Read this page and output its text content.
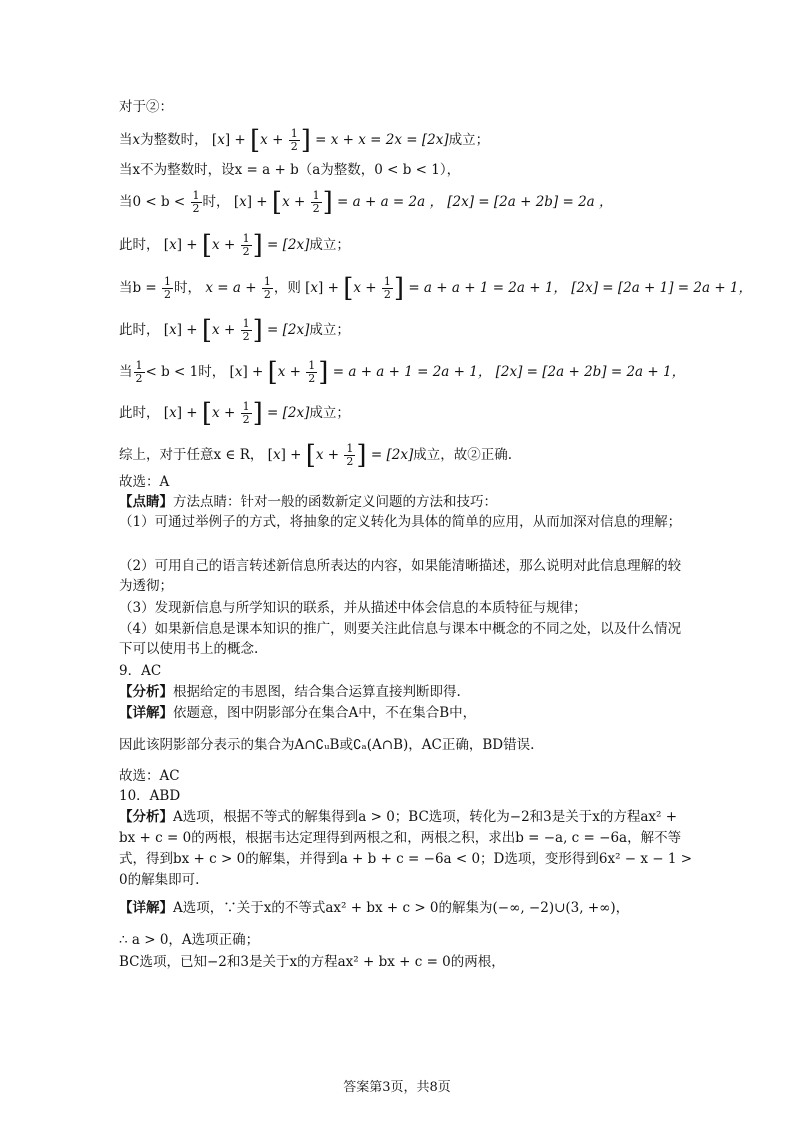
对于②：
当x为整数时， $[x] + [x + \frac{1}{2}$ ] = x + x = 2x = [2x]成立；
当x不为整数时，设x = a + b（a为整数，0 < b < 1），
当$0 < b < \frac{1}{2}$ 时， $[x] + [x + \frac{1}{2}$ ] = a + a = 2a ， [2x] = [2a + 2b] = 2a ，
此时， $[x] + [x + \frac{1}{2}$ ] = [2x]成立；
当$b = \frac{1}{2}$ 时， $x = a + \frac{1}{2}$ ，则 $[x] + [x + \frac{1}{2}$ ] = a + a + 1 = 2a + 1， [2x] = [2a + 1] = 2a + 1，
此时， $[x] + [x + \frac{1}{2}$ ] = [2x]成立；
当 $\frac{1}{2} < b < 1$时， $[x] + [x + \frac{1}{2}$ ] = a + a + 1 = 2a + 1， [2x] = [2a + 2b] = 2a + 1，
此时， $[x] + [x + \frac{1}{2}$ ] = [2x]成立；
综上，对于任意x ∈ R， $[x] + [x + \frac{1}{2}$ ] = [2x]成立，故②正确.
故选：A
【点睛】方法点睛：针对一般的函数新定义问题的方法和技巧：
（1）可通过举例子的方式，将抽象的定义转化为具体的简单的应用，从而加深对信息的理解；
（2）可用自己的语言转述新信息所表达的内容，如果能清晰描述，那么说明对此信息理解的较为透彻；
（3）发现新信息与所学知识的联系，并从描述中体会信息的本质特征与规律；
（4）如果新信息是课本知识的推广，则要关注此信息与课本中概念的不同之处，以及什么情况下可以使用书上的概念.
9．AC
【分析】根据给定的韦恩图，结合集合运算直接判断即得.
【详解】依题意，图中阴影部分在集合A中，不在集合B中，
因此该阴影部分表示的集合为A∩∁ᵤB或∁ₐ(A∩B)，AC正确，BD错误.
故选：AC
10．ABD
【分析】A选项，根据不等式的解集得到a > 0；BC选项，转化为−2和3是关于x的方程ax² + bx + c = 0的两根，根据韦达定理得到两根之和，两根之积，求出b = −a, c = −6a，解不等式，得到bx + c > 0的解集，并得到a + b + c = −6a < 0；D选项，变形得到6x² − x − 1 > 0的解集即可.
【详解】A选项，∵关于x的不等式ax² + bx + c > 0的解集为(−∞, −2)∪(3, +∞)，
∴ a > 0，A选项正确；
BC选项，已知−2和3是关于x的方程ax² + bx + c = 0的两根，
答案第3页，共8页
